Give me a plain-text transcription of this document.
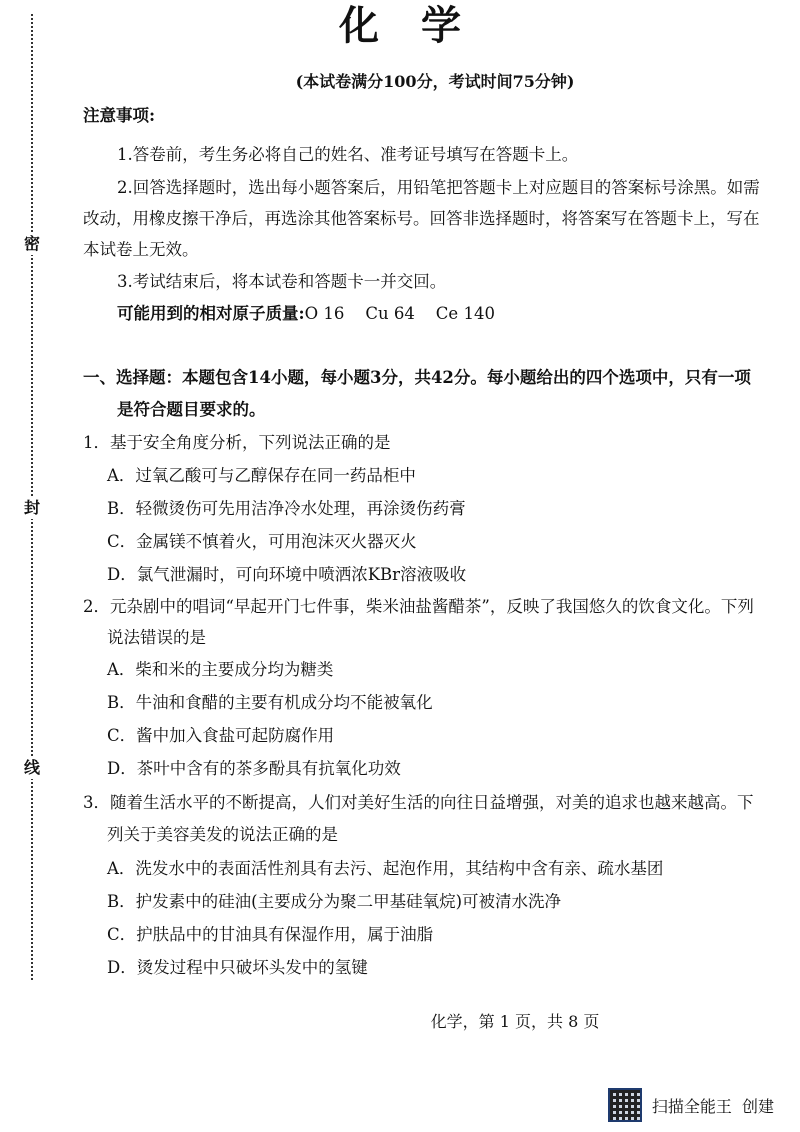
密
封
线
化学
(本试卷满分100分，考试时间75分钟)
注意事项:
1.答卷前，考生务必将自己的姓名、准考证号填写在答题卡上。
2.回答选择题时，选出每小题答案后，用铅笔把答题卡上对应题目的答案标号涂黑。如需
改动，用橡皮擦干净后，再选涂其他答案标号。回答非选择题时，将答案写在答题卡上，写在
本试卷上无效。
3.考试结束后，将本试卷和答题卡一并交回。
可能用到的相对原子质量:O 16    Cu 64    Ce 140
一、选择题：本题包含14小题，每小题3分，共42分。每小题给出的四个选项中，只有一项
是符合题目要求的。
1．基于安全角度分析，下列说法正确的是
A．过氧乙酸可与乙醇保存在同一药品柜中
B．轻微烫伤可先用洁净冷水处理，再涂烫伤药膏
C．金属镁不慎着火，可用泡沫灭火器灭火
D．氯气泄漏时，可向环境中喷洒浓KBr溶液吸收
2．元杂剧中的唱词“早起开门七件事，柴米油盐酱醋茶”，反映了我国悠久的饮食文化。下列
说法错误的是
A．柴和米的主要成分均为糖类
B．牛油和食醋的主要有机成分均不能被氧化
C．酱中加入食盐可起防腐作用
D．茶叶中含有的茶多酚具有抗氧化功效
3．随着生活水平的不断提高，人们对美好生活的向往日益增强，对美的追求也越来越高。下
列关于美容美发的说法正确的是
A．洗发水中的表面活性剂具有去污、起泡作用，其结构中含有亲、疏水基团
B．护发素中的硅油(主要成分为聚二甲基硅氧烷)可被清水洗净
C．护肤品中的甘油具有保湿作用，属于油脂
D．烫发过程中只破坏头发中的氢键
化学，第 1 页，共 8 页
扫描全能王  创建
